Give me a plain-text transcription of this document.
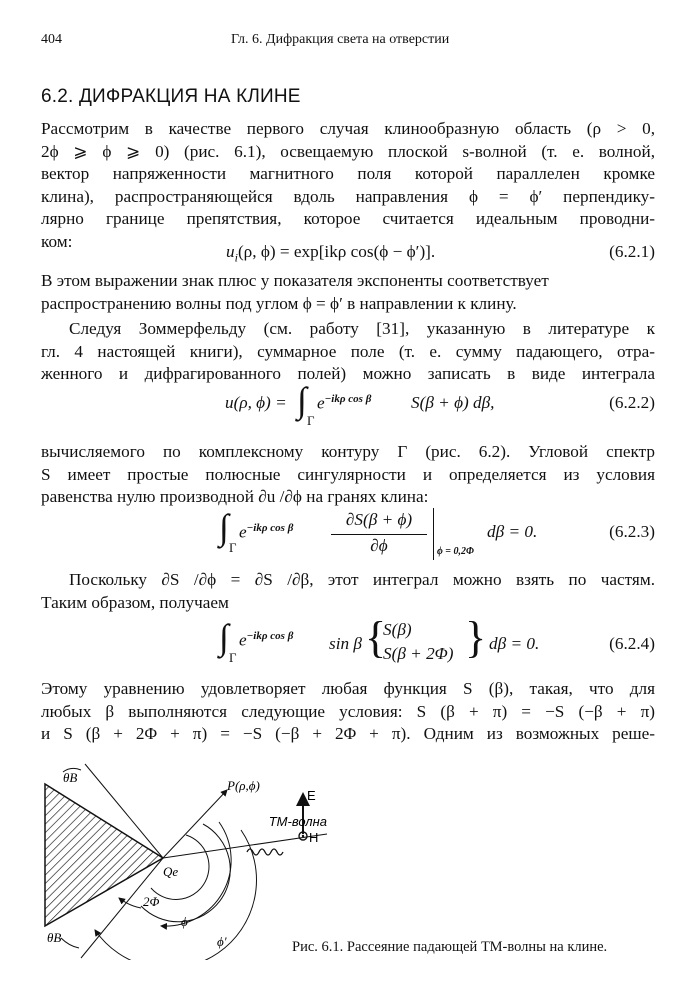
404	Гл. 6. Дифракция света на отверстии
6.2. ДИФРАКЦИЯ НА КЛИНЕ
Рассмотрим в качестве первого случая клинообразную область (ρ > 0,
2ϕ ⩾ ϕ ⩾ 0) (рис. 6.1), освещаемую плоской s-волной (т. е. волной,
вектор напряженности магнитного поля которой параллелен кромке
клина), распространяющейся вдоль направления ϕ = ϕ′ перпендику-
лярно границе препятствия, которое считается идеальным проводни-
ком:
$u_i(\rho$, ϕ) = exp[ikρ cos(ϕ − ϕ′)].	(6.2.1)
В этом выражении знак плюс у показателя экспоненты соответствует
распространению волны под углом ϕ = ϕ′ в направлении к клину.
Следуя Зоммерфельду (см. работу [31], указанную в литературе к
гл. 4 настоящей книги), суммарное поле (т. е. сумму падающего, отра-
женного и дифрагированного полей) можно записать в виде интеграла
u(ρ, ϕ) = ∫
Γ
$e^{-ik\rho cos \beta}$ S(β + ϕ) dβ,	(6.2.2)
вычисляемого по комплексному контуру Γ (рис. 6.2). Угловой спектр
S имеет простые полюсные сингулярности и определяется из условия
равенства нулю производной ∂u /∂ϕ на гранях клина:
∫
Γ
$e^{-ik\rho cos \beta}$	∂S(β + ϕ)
∂ϕ	ϕ = 0,2Φ
dβ = 0.	(6.2.3)
Поскольку ∂S /∂ϕ = ∂S /∂β, этот интеграл можно взять по частям.
Таким образом, получаем
∫
Γ
$e^{-ik\rho cos \beta}$ sin β {
S(β)
S(β + 2Φ) } dβ = 0.	(6.2.4)
Этому уравнению удовлетворяет любая функция S (β), такая, что для
любых β выполняются следующие условия: S (β + π) = −S (−β + π)
и S (β + 2Φ + π) = −S (−β + 2Φ + π). Одним из возможных реше-
θB
θB
P(ρ,ϕ)
E
H
TM-волна
Qe
2Φ
ϕ
ϕ′	Рис. 6.1. Рассеяние падающей ТМ-волны на клине.
